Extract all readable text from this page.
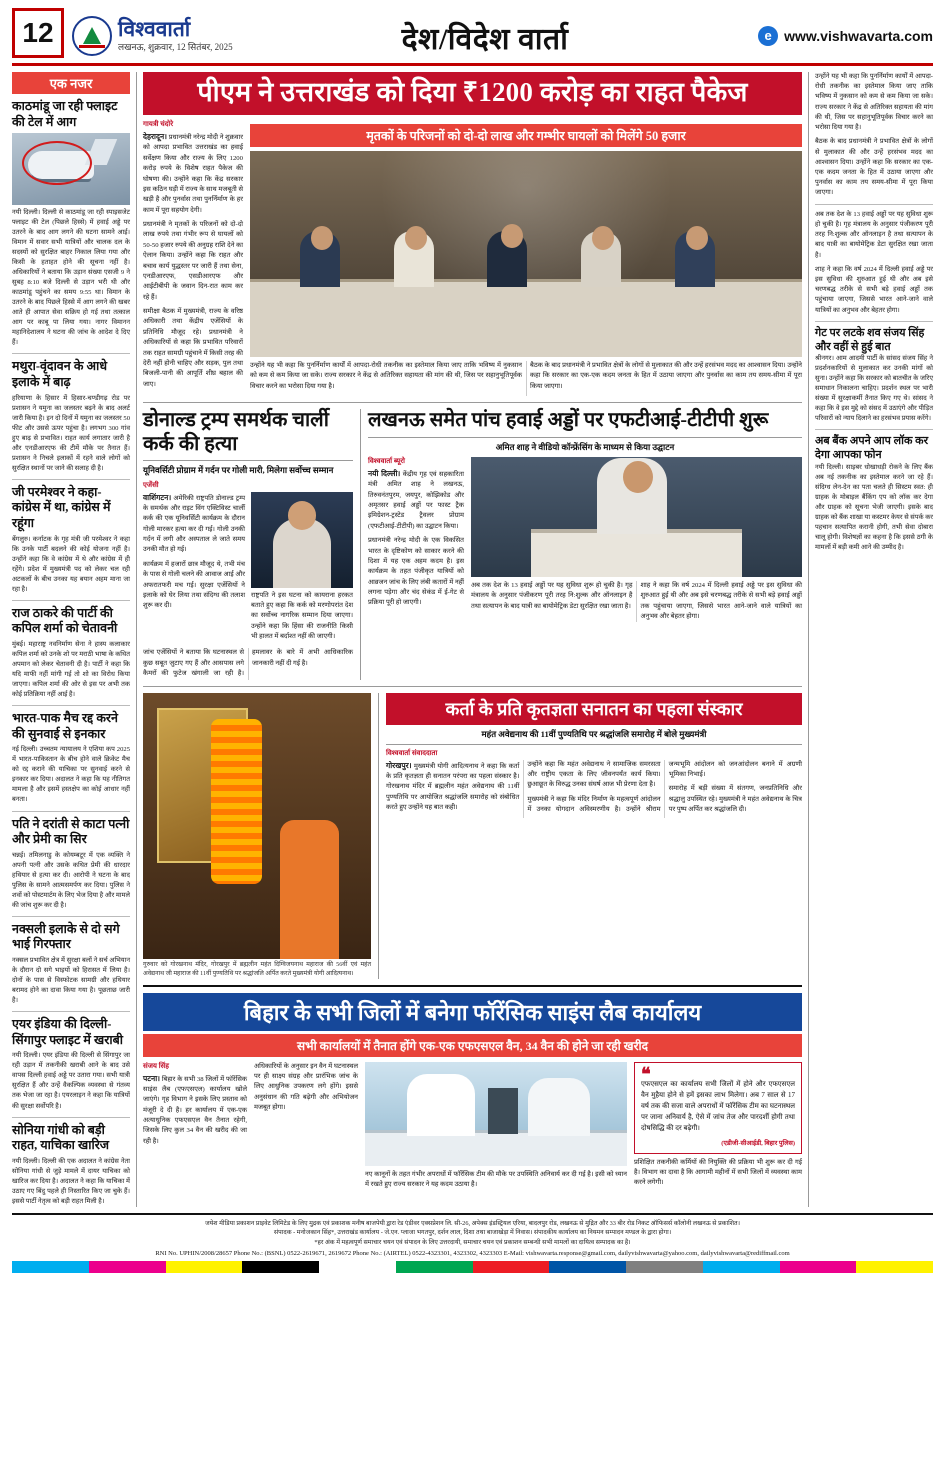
12	विश्ववार्ता
लखनऊ, शुक्रवार, 12 सितंबर, 2025	देश/विदेश वार्ता	e www.vishwavarta.com
एक नजर
काठमांडू जा रही फ्लाइट की टेल में आग
नयी दिल्ली। दिल्ली से काठमांडू जा रही स्पाइसजेट फ्लाइट की टेल (पिछले हिस्से) में हवाई अड्डे पर उतरने के बाद आग लगने की घटना सामने आई। विमान में सवार सभी यात्रियों और चालक दल के सदस्यों को सुरक्षित बाहर निकाल लिया गया और किसी के हताहत होने की सूचना नहीं है। अधिकारियों ने बताया कि उड़ान संख्या एसजी 9 ने सुबह 8:10 बजे दिल्ली से उड़ान भरी थी और काठमांडू पहुंचने का समय 9:55 था। विमान के उतरने के बाद पिछले हिस्से में आग लगने की खबर आते ही आपात सेवा सक्रिय हो गई तथा तत्काल आग पर काबू पा लिया गया। नागर विमानन महानिदेशालय ने घटना की जांच के आदेश दे दिए हैं।
मथुरा-वृंदावन के आधे इलाके में बाढ़
हरियाणा के हिसार में हिसार-चण्डीगढ़ रोड पर प्रशासन ने यमुना का जलस्तर बढ़ने के बाद अलर्ट जारी किया है। इन दो दिनों में यमुना का जलस्तर 50 फीट और उससे ऊपर पहुंचा है। लगभग 300 गांव हुए बाढ़ से प्रभावित। राहत कार्य लगातार जारी है और एनडीआरएफ की टीमें मौके पर तैनात हैं। प्रशासन ने निचले इलाकों में रहने वाले लोगों को सुरक्षित स्थानों पर जाने की सलाह दी है।
जी परमेश्वर ने कहा- कांग्रेस में था, कांग्रेस में रहूंगा
बेंगलुरु। कर्नाटक के गृह मंत्री जी परमेश्वर ने कहा कि उनके पार्टी बदलने की कोई योजना नहीं है। उन्होंने कहा कि वे कांग्रेस में थे और कांग्रेस में ही रहेंगे। प्रदेश में मुख्यमंत्री पद को लेकर चल रही अटकलों के बीच उनका यह बयान अहम माना जा रहा है।
राज ठाकरे की पार्टी की कपिल शर्मा को चेतावनी
मुंबई। महाराष्ट्र नवनिर्माण सेना ने हास्य कलाकार कपिल शर्मा को उनके शो पर मराठी भाषा के कथित अपमान को लेकर चेतावनी दी है। पार्टी ने कहा कि यदि माफी नहीं मांगी गई तो शो का विरोध किया जाएगा। कपिल शर्मा की ओर से इस पर अभी तक कोई प्रतिक्रिया नहीं आई है।
भारत-पाक मैच रद्द करने की सुनवाई से इनकार
नई दिल्ली। उच्चतम न्यायालय ने एशिया कप 2025 में भारत-पाकिस्तान के बीच होने वाले क्रिकेट मैच को रद्द कराने की याचिका पर सुनवाई करने से इनकार कर दिया। अदालत ने कहा कि यह नीतिगत मामला है और इसमें हस्तक्षेप का कोई आधार नहीं बनता।
पति ने दरांती से काटा पत्नी और प्रेमी का सिर
चन्नई। तमिलनाडु के कोयम्बटूर में एक व्यक्ति ने अपनी पत्नी और उसके कथित प्रेमी की धारदार हथियार से हत्या कर दी। आरोपी ने घटना के बाद पुलिस के सामने आत्मसमर्पण कर दिया। पुलिस ने शवों को पोस्टमार्टम के लिए भेज दिया है और मामले की जांच शुरू कर दी है।
नक्सली इलाके से दो सगे भाई गिरफ्तार
नक्सल प्रभावित क्षेत्र में सुरक्षा बलों ने सर्च अभियान के दौरान दो सगे भाइयों को हिरासत में लिया है। दोनों के पास से विस्फोटक सामग्री और हथियार बरामद होने का दावा किया गया है। पूछताछ जारी है।
एयर इंडिया की दिल्ली-सिंगापुर फ्लाइट में खराबी
नयी दिल्ली। एयर इंडिया की दिल्ली से सिंगापुर जा रही उड़ान में तकनीकी खराबी आने के बाद उसे वापस दिल्ली हवाई अड्डे पर उतारा गया। सभी यात्री सुरक्षित हैं और उन्हें वैकल्पिक व्यवस्था से गंतव्य तक भेजा जा रहा है। एयरलाइन ने कहा कि यात्रियों की सुरक्षा सर्वोपरि है।
सोनिया गांधी को बड़ी राहत, याचिका खारिज
नयी दिल्ली। दिल्ली की एक अदालत ने कांग्रेस नेता सोनिया गांधी से जुड़े मामले में दायर याचिका को खारिज कर दिया है। अदालत ने कहा कि याचिका में उठाए गए बिंदु पहले ही निस्तारित किए जा चुके हैं। इससे पार्टी नेतृत्व को बड़ी राहत मिली है।
पीएम ने उत्तराखंड को दिया ₹1200 करोड़ का राहत पैकेज
गायत्री चंदोरे

देहरादून। प्रधानमंत्री नरेन्द्र मोदी ने शुक्रवार को आपदा प्रभावित उत्तराखंड का हवाई सर्वेक्षण किया और राज्य के लिए 1200 करोड़ रुपये के विशेष राहत पैकेज की घोषणा की। उन्होंने कहा कि केंद्र सरकार इस कठिन घड़ी में राज्य के साथ मजबूती से खड़ी है और पुनर्वास तथा पुनर्निर्माण के हर काम में पूरा सहयोग देगी।

प्रधानमंत्री ने मृतकों के परिजनों को दो-दो लाख रुपये तथा गंभीर रूप से घायलों को 50-50 हजार रुपये की अनुग्रह राशि देने का ऐलान किया। उन्होंने कहा कि राहत और बचाव कार्य युद्धस्तर पर जारी हैं तथा सेना, एनडीआरएफ, एसडीआरएफ और आईटीबीपी के जवान दिन-रात काम कर रहे हैं।

समीक्षा बैठक में मुख्यमंत्री, राज्य के वरिष्ठ अधिकारी तथा केंद्रीय एजेंसियों के प्रतिनिधि मौजूद रहे। प्रधानमंत्री ने अधिकारियों से कहा कि प्रभावित परिवारों तक राहत सामग्री पहुंचाने में किसी तरह की देरी नहीं होनी चाहिए और सड़क, पुल तथा बिजली-पानी की आपूर्ति शीघ्र बहाल की जाए।

मृतकों के परिजनों को दो-दो लाख और गम्भीर घायलों को मिलेंगे 50 हजार

उन्होंने यह भी कहा कि पुनर्निर्माण कार्यों में आपदा-रोधी तकनीक का इस्तेमाल किया जाए ताकि भविष्य में नुकसान को कम से कम किया जा सके। राज्य सरकार ने केंद्र से अतिरिक्त सहायता की मांग की थी, जिस पर सहानुभूतिपूर्वक विचार करने का भरोसा दिया गया है।

बैठक के बाद प्रधानमंत्री ने प्रभावित क्षेत्रों के लोगों से मुलाकात की और उन्हें हरसंभव मदद का आश्वासन दिया। उन्होंने कहा कि सरकार का एक-एक कदम जनता के हित में उठाया जाएगा और पुनर्वास का काम तय समय-सीमा में पूरा किया जाएगा।

डोनाल्ड ट्रम्प समर्थक चार्ली कर्क की हत्या
यूनिवर्सिटी प्रोग्राम में गर्दन पर गोली मारी, मिलेगा सर्वोच्च सम्मान
एजेंसी

वाशिंगटन। अमेरिकी राष्ट्रपति डोनाल्ड ट्रम्प के समर्थक और राइट विंग एक्टिविस्ट चार्ली कर्क की एक यूनिवर्सिटी कार्यक्रम के दौरान गोली मारकर हत्या कर दी गई। गोली उनकी गर्दन में लगी और अस्पताल ले जाते समय उनकी मौत हो गई।

कार्यक्रम में हजारों छात्र मौजूद थे, तभी मंच के पास से गोली चलने की आवाज आई और अफरातफरी मच गई। सुरक्षा एजेंसियों ने इलाके को घेर लिया तथा संदिग्ध की तलाश शुरू कर दी।

राष्ट्रपति ने इस घटना को कायराना हरकत बताते हुए कहा कि कर्क को मरणोपरांत देश का सर्वोच्च नागरिक सम्मान दिया जाएगा। उन्होंने कहा कि हिंसा की राजनीति किसी भी हालत में बर्दाश्त नहीं की जाएगी।

जांच एजेंसियों ने बताया कि घटनास्थल से कुछ सबूत जुटाए गए हैं और आसपास लगे कैमरों की फुटेज खंगाली जा रही है। हमलावर के बारे में अभी आधिकारिक जानकारी नहीं दी गई है।

लखनऊ समेत पांच हवाई अड्डों पर एफटीआई-टीटीपी शुरू
अमित शाह ने वीडियो कॉन्फ्रेंसिंग के माध्यम से किया उद्घाटन
विश्ववार्ता ब्यूरो

नयी दिल्ली। केंद्रीय गृह एवं सहकारिता मंत्री अमित शाह ने लखनऊ, तिरुवनंतपुरम, जयपुर, कोझिकोड और अमृतसर हवाई अड्डों पर फास्ट ट्रैक इमिग्रेशन-ट्रस्टेड ट्रैवलर प्रोग्राम (एफटीआई-टीटीपी) का उद्घाटन किया।

प्रधानमंत्री नरेन्द्र मोदी के एक विकसित भारत के दृष्टिकोण को साकार करने की दिशा में यह एक अहम कदम है। इस कार्यक्रम के तहत पंजीकृत यात्रियों को आव्रजन जांच के लिए लंबी कतारों में नहीं लगना पड़ेगा और चंद सेकंड में ई-गेट से प्रक्रिया पूरी हो जाएगी।

अब तक देश के 13 हवाई अड्डों पर यह सुविधा शुरू हो चुकी है। गृह मंत्रालय के अनुसार पंजीकरण पूरी तरह नि:शुल्क और ऑनलाइन है तथा सत्यापन के बाद यात्री का बायोमेट्रिक डेटा सुरक्षित रखा जाता है।

शाह ने कहा कि वर्ष 2024 में दिल्ली हवाई अड्डे पर इस सुविधा की शुरुआत हुई थी और अब इसे चरणबद्ध तरीके से सभी बड़े हवाई अड्डों तक पहुंचाया जाएगा, जिससे भारत आने-जाने वाले यात्रियों का अनुभव और बेहतर होगा।

गुरुवार को गोरखनाथ मंदिर, गोरखपुर में ब्रह्मलीन महंत दिग्विजयनाथ महाराज की 56वीं एवं महंत अवेद्यनाथ जी महाराज की 11वीं पुण्यतिथि पर श्रद्धांजलि अर्पित करते मुख्यमंत्री योगी आदित्यनाथ।
कर्ता के प्रति कृतज्ञता सनातन का पहला संस्कार
महंत अवेद्यनाथ की 11वीं पुण्यतिथि पर श्रद्धांजलि समारोह में बोले मुख्यमंत्री
विश्ववार्ता संवाददाता

गोरखपुर। मुख्यमंत्री योगी आदित्यनाथ ने कहा कि कर्ता के प्रति कृतज्ञता ही सनातन परंपरा का पहला संस्कार है। गोरखनाथ मंदिर में ब्रह्मलीन महंत अवेद्यनाथ की 11वीं पुण्यतिथि पर आयोजित श्रद्धांजलि समारोह को संबोधित करते हुए उन्होंने यह बात कही।

उन्होंने कहा कि महंत अवेद्यनाथ ने सामाजिक समरसता और राष्ट्रीय एकता के लिए जीवनपर्यंत कार्य किया। छुआछूत के विरुद्ध उनका संघर्ष आज भी प्रेरणा देता है।

मुख्यमंत्री ने कहा कि मंदिर निर्माण के महत्वपूर्ण आंदोलन में उनका योगदान अविस्मरणीय है। उन्होंने श्रीराम जन्मभूमि आंदोलन को जनआंदोलन बनाने में अग्रणी भूमिका निभाई।

समारोह में बड़ी संख्या में संतगण, जनप्रतिनिधि और श्रद्धालु उपस्थित रहे। मुख्यमंत्री ने महंत अवेद्यनाथ के चित्र पर पुष्प अर्पित कर श्रद्धांजलि दी।

बिहार के सभी जिलों में बनेगा फॉरेंसिक साइंस लैब कार्यालय
सभी कार्यालयों में तैनात होंगे एक-एक एफएसएल वैन, 34 वैन की होने जा रही खरीद
संजय सिंह

पटना। बिहार के सभी 38 जिलों में फॉरेंसिक साइंस लैब (एफएसएल) कार्यालय खोले जाएंगे। गृह विभाग ने इसके लिए प्रस्ताव को मंजूरी दे दी है। हर कार्यालय में एक-एक अत्याधुनिक एफएसएल वैन तैनात रहेगी, जिसके लिए कुल 34 वैन की खरीद की जा रही है।

अधिकारियों के अनुसार इन वैन में घटनास्थल पर ही साक्ष्य संग्रह और प्रारंभिक जांच के लिए आधुनिक उपकरण लगे होंगे। इससे अनुसंधान की गति बढ़ेगी और अभियोजन मजबूत होगा।

नए कानूनों के तहत गंभीर अपराधों में फॉरेंसिक टीम की मौके पर उपस्थिति अनिवार्य कर दी गई है। इसी को ध्यान में रखते हुए राज्य सरकार ने यह कदम उठाया है।

❝
एफएसएल का कार्यालय सभी जिलों में होने और एफएसएल वैन मुहैया होने से हमें इसका लाभ मिलेगा। अब 7 साल से 17 वर्ष तक की सजा वाले अपराधों में फॉरेंसिक टीम का घटनास्थल पर जाना अनिवार्य है, ऐसे में जांच तेज और पारदर्शी होगी तथा दोषसिद्धि की दर बढ़ेगी।
(एडीजी-सीआईडी, बिहार पुलिस)

प्रशिक्षित तकनीकी कर्मियों की नियुक्ति की प्रक्रिया भी शुरू कर दी गई है। विभाग का दावा है कि आगामी महीनों में सभी जिलों में व्यवस्था काम करने लगेगी।

उन्होंने यह भी कहा कि पुनर्निर्माण कार्यों में आपदा-रोधी तकनीक का इस्तेमाल किया जाए ताकि भविष्य में नुकसान को कम से कम किया जा सके। राज्य सरकार ने केंद्र से अतिरिक्त सहायता की मांग की थी, जिस पर सहानुभूतिपूर्वक विचार करने का भरोसा दिया गया है।

बैठक के बाद प्रधानमंत्री ने प्रभावित क्षेत्रों के लोगों से मुलाकात की और उन्हें हरसंभव मदद का आश्वासन दिया। उन्होंने कहा कि सरकार का एक-एक कदम जनता के हित में उठाया जाएगा और पुनर्वास का काम तय समय-सीमा में पूरा किया जाएगा।

अब तक देश के 13 हवाई अड्डों पर यह सुविधा शुरू हो चुकी है। गृह मंत्रालय के अनुसार पंजीकरण पूरी तरह नि:शुल्क और ऑनलाइन है तथा सत्यापन के बाद यात्री का बायोमेट्रिक डेटा सुरक्षित रखा जाता है।

शाह ने कहा कि वर्ष 2024 में दिल्ली हवाई अड्डे पर इस सुविधा की शुरुआत हुई थी और अब इसे चरणबद्ध तरीके से सभी बड़े हवाई अड्डों तक पहुंचाया जाएगा, जिससे भारत आने-जाने वाले यात्रियों का अनुभव और बेहतर होगा।

गेट पर लटके शव संजय सिंह और वहीं से हुई बात
श्रीनगर। आम आदमी पार्टी के सांसद संजय सिंह ने प्रदर्शनकारियों से मुलाकात कर उनकी मांगों को सुना। उन्होंने कहा कि सरकार को बातचीत के जरिए समाधान निकालना चाहिए। प्रदर्शन स्थल पर भारी संख्या में सुरक्षाकर्मी तैनात किए गए थे। सांसद ने कहा कि वे इस मुद्दे को संसद में उठाएंगे और पीड़ित परिवारों को न्याय दिलाने का हरसंभव प्रयास करेंगे।
अब बैंक अपने आप लॉक कर देगा आपका फोन
नयी दिल्ली। साइबर धोखाधड़ी रोकने के लिए बैंक अब नई तकनीक का इस्तेमाल करने जा रहे हैं। संदिग्ध लेन-देन का पता चलते ही सिस्टम स्वत: ही ग्राहक के मोबाइल बैंकिंग एप को लॉक कर देगा और ग्राहक को सूचना भेजी जाएगी। इसके बाद ग्राहक को बैंक शाखा या कस्टमर केयर से संपर्क कर पहचान सत्यापित करानी होगी, तभी सेवा दोबारा चालू होगी। विशेषज्ञों का कहना है कि इससे ठगी के मामलों में बड़ी कमी आने की उम्मीद है।
जयेश मीडिया प्रकाशन प्राइवेट लिमिटेड के लिए मुद्रक एवं प्रकाशक मनीष बाजपेयी द्वारा रेड एंडीवर एक्सप्रेशन लि. सी-26, अपेक्स इंडस्ट्रियल एरिया, बादलपुर रोड, लखनऊ से मुद्रित और 33 बीर रोड निकट ऑफिसर्स कॉलोनी लखनऊ से प्रकाशित।
संपादक - मनोजकान सिंह*, उत्तराखंड कार्यालय - जे.एन. प्लाजा भगतपुर, दर्शन लाल, दिशा तथा बाजाखेड़ा में निवास। संपादकीय कार्यालय का नियमन सम्पादन मण्डल के द्वारा होगा।
*हर अंक में महत्वपूर्ण समाचार चयन एवं संपादन के लिए उत्तरदायी, समाचार चयन एवं प्रकाशन सम्बन्धी सभी मामलों का दायित्व सम्पादक का है।
RNI No. UPHIN/2008/28657 Phone No.: (BSNL) 0522-2619671, 2619672 Phone No.: (AIRTEL) 0522-4323301, 4323302, 4323303 E-Mail: vishwavarta.response@gmail.com, dailyvishwavarta@yahoo.com, dailyvishwavarta@rediffmail.com
